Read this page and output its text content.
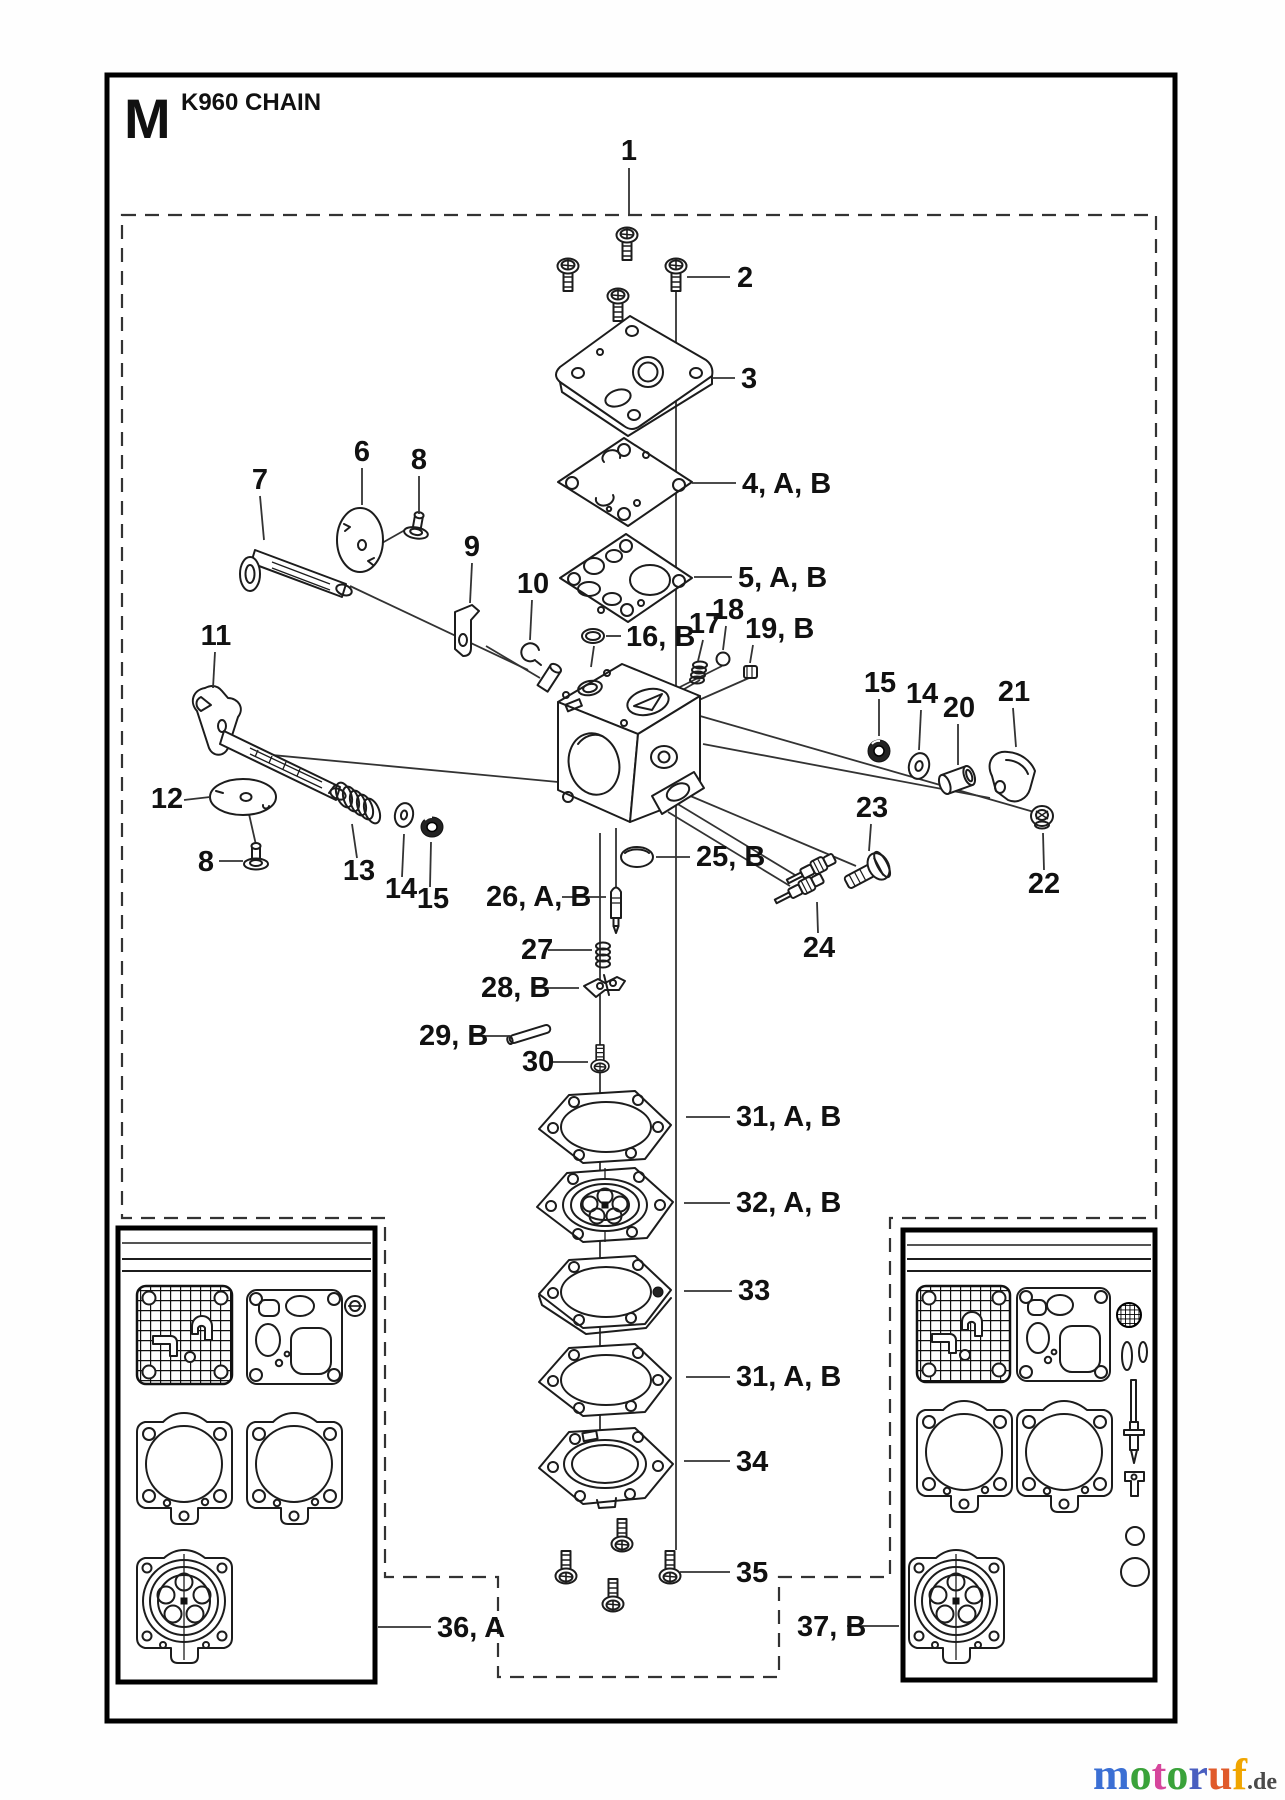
M K960 CHAIN
1
2
3
4, A, B
5, A, B
6
7
8
9
10
11
12
8	13
14 15
16, B
17
18
19, B
15 14 20 21
22
23
24
25, B
26, A, B
27
28, B
29, B
30
31, A, B
32, A, B
33
31, A, B
34
35
36, A	37, B
motoruf.de
